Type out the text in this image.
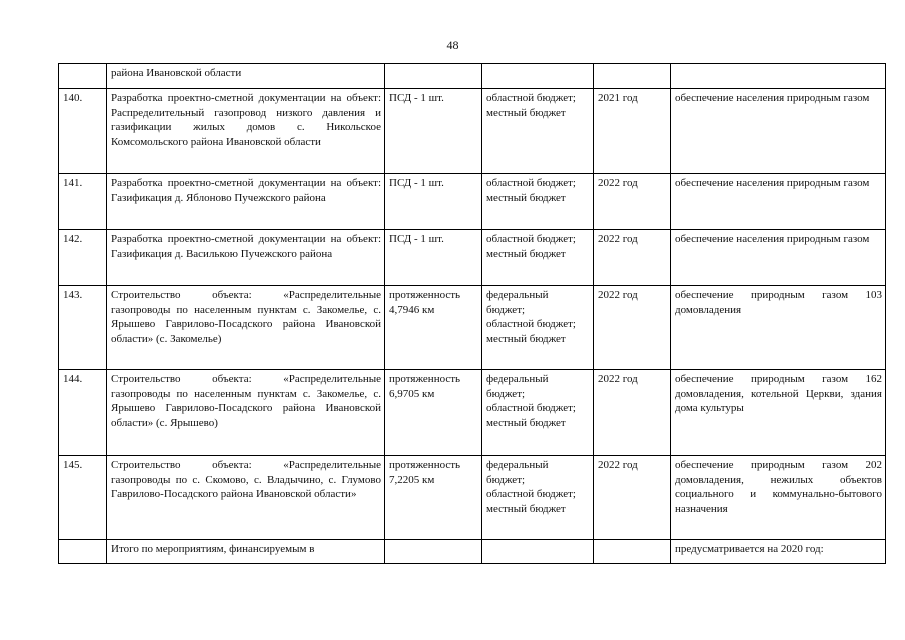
48
	района Ивановской области				
140.	Разработка проектно-сметной документации на объект: Распределительный газопровод низкого давления и газификации жилых домов с. Никольское Комсомольского района Ивановской области	ПСД - 1 шт.	областной бюджет;
местный бюджет	2021 год	обеспечение населения природным газом
141.	Разработка проектно-сметной документации на объект: Газификация д. Яблоново Пучежского района	ПСД - 1 шт.	областной бюджет;
местный бюджет	2022 год	обеспечение населения природным газом
142.	Разработка проектно-сметной документации на объект: Газификация д. Василькою Пучежского района	ПСД - 1 шт.	областной бюджет;
местный бюджет	2022 год	обеспечение населения природным газом
143.	Строительство объекта: «Распределительные газопроводы по населенным пунктам с. Закомелье, с. Ярышево Гаврилово-Посадского района Ивановской области» (с. Закомелье)	протяженность 4,7946 км	федеральный бюджет;
областной бюджет;
местный бюджет	2022 год	обеспечение природным газом 103 домовладения
144.	Строительство объекта: «Распределительные газопроводы по населенным пунктам с. Закомелье, с. Ярышево Гаврилово-Посадского района Ивановской области» (с. Ярышево)	протяженность 6,9705 км	федеральный бюджет;
областной бюджет;
местный бюджет	2022 год	обеспечение природным газом 162 домовладения, котельной Церкви, здания дома культуры
145.	Строительство объекта: «Распределительные газопроводы по с. Скомово, с. Владычино, с. Глумово Гаврилово-Посадского района Ивановской области»	протяженность 7,2205 км	федеральный бюджет;
областной бюджет;
местный бюджет	2022 год	обеспечение природным газом 202 домовладения, нежилых объектов социального и коммунально-бытового назначения
	Итого по мероприятиям, финансируемым в				предусматривается на 2020 год:
